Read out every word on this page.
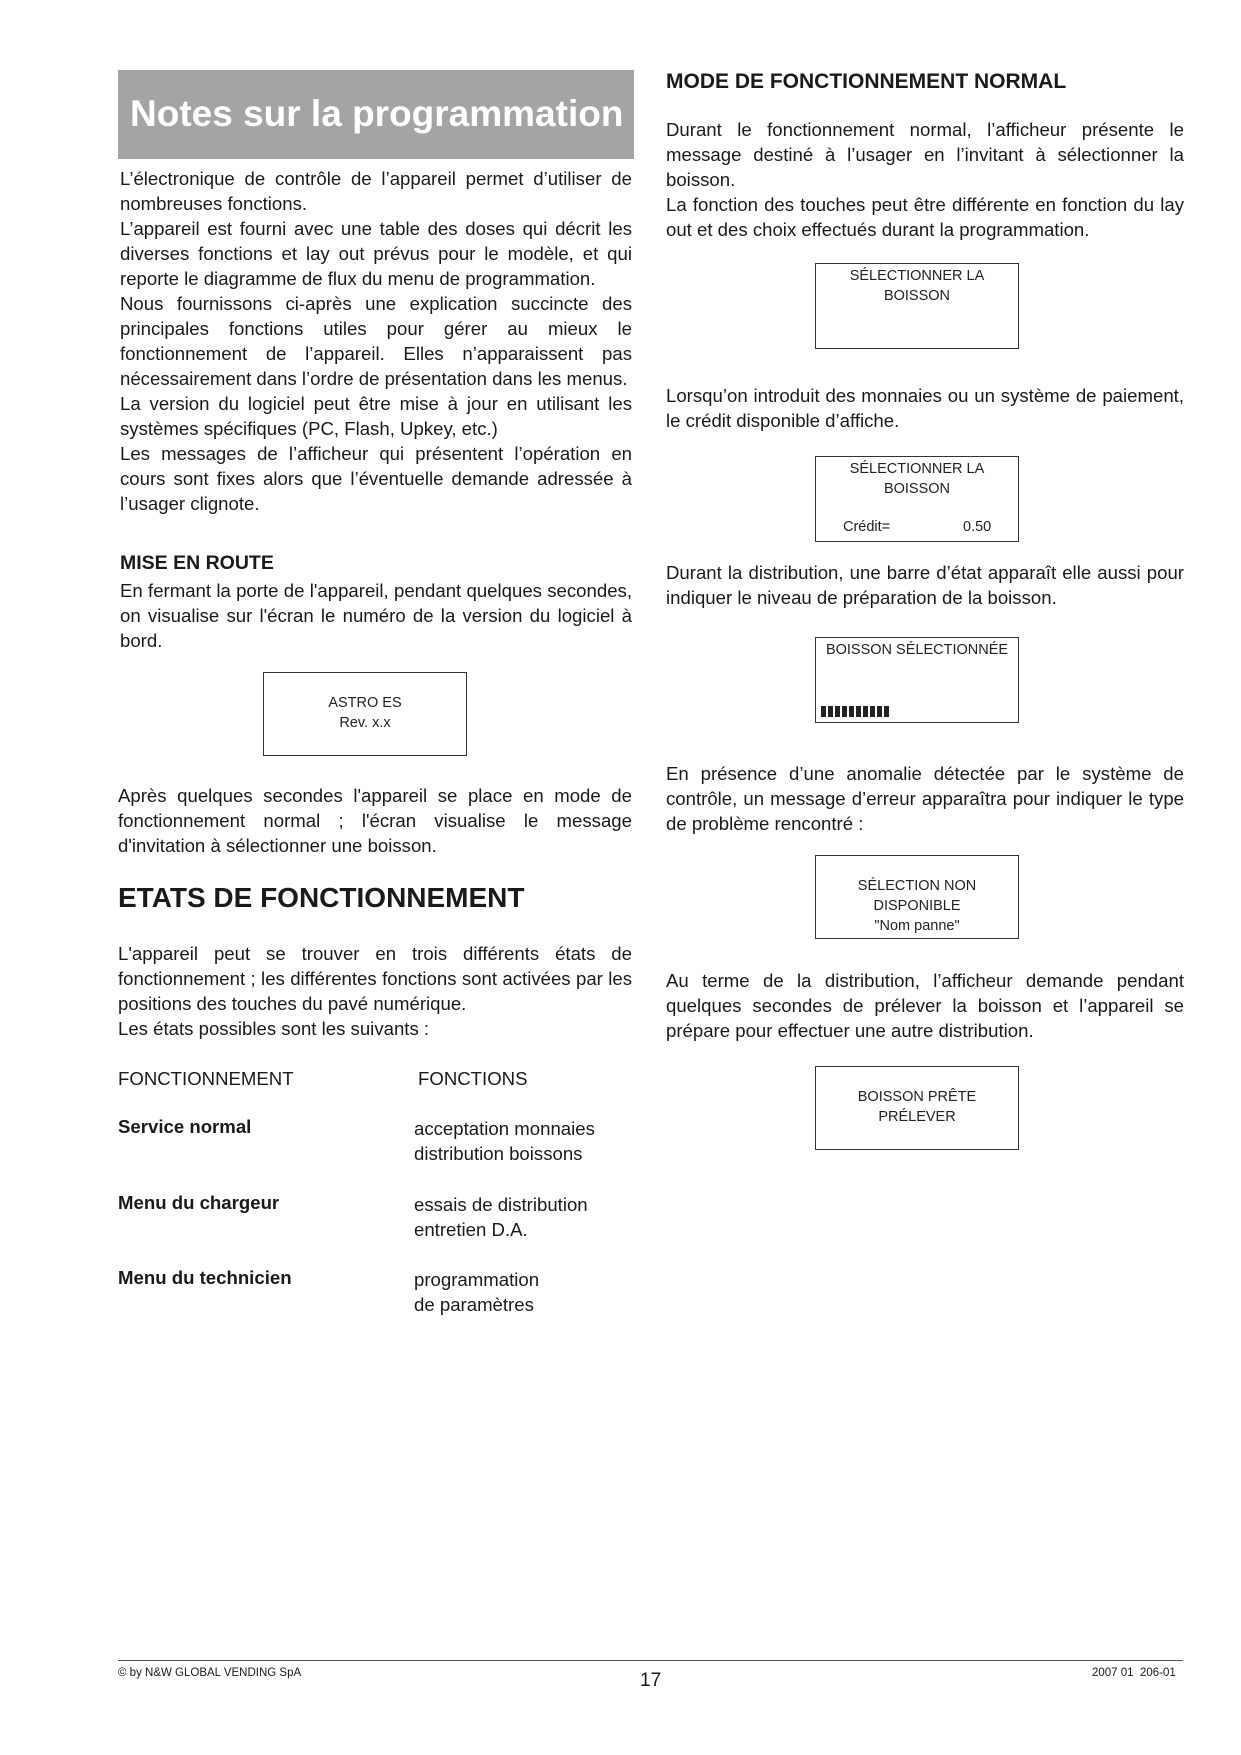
Notes sur la programmation

L’électronique de contrôle de l’appareil permet d’utiliser de nombreuses fonctions.

L’appareil est fourni avec une table des doses qui décrit les diverses fonctions et lay out prévus pour le modèle, et qui reporte le diagramme de flux du menu de programmation.

Nous fournissons ci-après une explication succincte des principales fonctions utiles pour gérer au mieux le fonctionnement de l’appareil. Elles n’apparaissent pas nécessairement dans l’ordre de présentation dans les menus.

La version du logiciel peut être mise à jour en utilisant les systèmes spécifiques (PC, Flash, Upkey, etc.)

Les messages de l’afficheur qui présentent l’opération en cours sont fixes alors que l’éventuelle demande adressée à l’usager clignote.

MISE EN ROUTE

En fermant la porte de l'appareil, pendant quelques secondes, on visualise sur l'écran le numéro de la version du logiciel à bord.

ASTRO ES
Rev. x.x

Après quelques secondes l'appareil se place en mode de fonctionnement normal ; l'écran visualise le message d'invitation à sélectionner une boisson.

ETATS DE FONCTIONNEMENT

L'appareil peut se trouver en trois différents états de fonctionnement ; les différentes fonctions sont activées par les positions des touches du pavé numérique.

Les états possibles sont les suivants :

FONCTIONNEMENT	FONCTIONS
Service normal	acceptation monnaies
distribution boissons
Menu du chargeur	essais de distribution
entretien D.A.
Menu du technicien	programmation
de paramètres
MODE DE FONCTIONNEMENT NORMAL

Durant le fonctionnement normal, l’afficheur présente le message destiné à l’usager en l’invitant à sélectionner la boisson.

La fonction des touches peut être différente en fonction du lay out et des choix effectués durant la programmation.

SÉLECTIONNER LA BOISSON

Lorsqu’on introduit des monnaies ou un système de paiement, le crédit disponible d’affiche.

SÉLECTIONNER LA BOISSON
Crédit=	0.50

Durant la distribution, une barre d’état apparaît elle aussi pour indiquer le niveau de préparation de la boisson.

BOISSON SÉLECTIONNÉE

En présence d’une anomalie détectée par le système de contrôle, un message d’erreur apparaîtra pour indiquer le type de problème rencontré :

SÉLECTION NON DISPONIBLE
"Nom panne"

Au terme de la distribution, l’afficheur demande pendant quelques secondes de prélever la boisson et l’appareil se prépare pour effectuer une autre distribution.

BOISSON PRÊTE
PRÉLEVER
© by N&W GLOBAL VENDING SpA	17	2007 01  206-01
